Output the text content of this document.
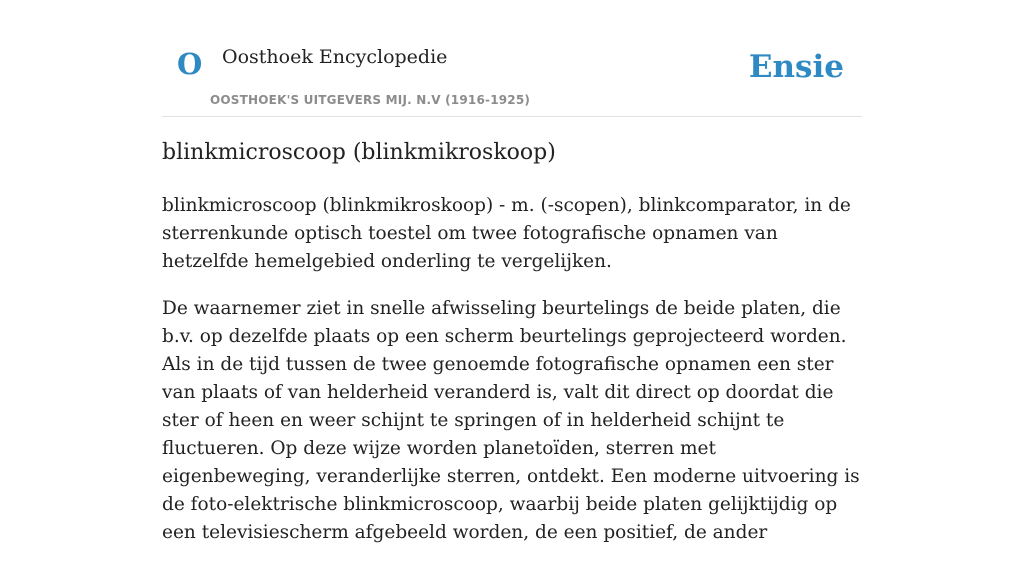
O Oosthoek Encyclopedie
OOSTHOEK'S UITGEVERS MIJ. N.V (1916-1925)
Ensie
blinkmicroscoop (blinkmikroskoop)

blinkmicroscoop (blinkmikroskoop) - m. (-scopen), blinkcomparator, in de sterrenkunde optisch toestel om twee fotografische opnamen van hetzelfde hemelgebied onderling te vergelijken.

De waarnemer ziet in snelle afwisseling beurtelings de beide platen, die b.v. op dezelfde plaats op een scherm beurtelings geprojecteerd worden. Als in de tijd tussen de twee genoemde fotografische opnamen een ster van plaats of van helderheid veranderd is, valt dit direct op doordat die ster of heen en weer schijnt te springen of in helderheid schijnt te fluctueren. Op deze wijze worden planetoïden, sterren met eigenbeweging, veranderlijke sterren, ontdekt. Een moderne uitvoering is de foto-elektrische blinkmicroscoop, waarbij beide platen gelijktijdig op een televisiescherm afgebeeld worden, de een positief, de ander
